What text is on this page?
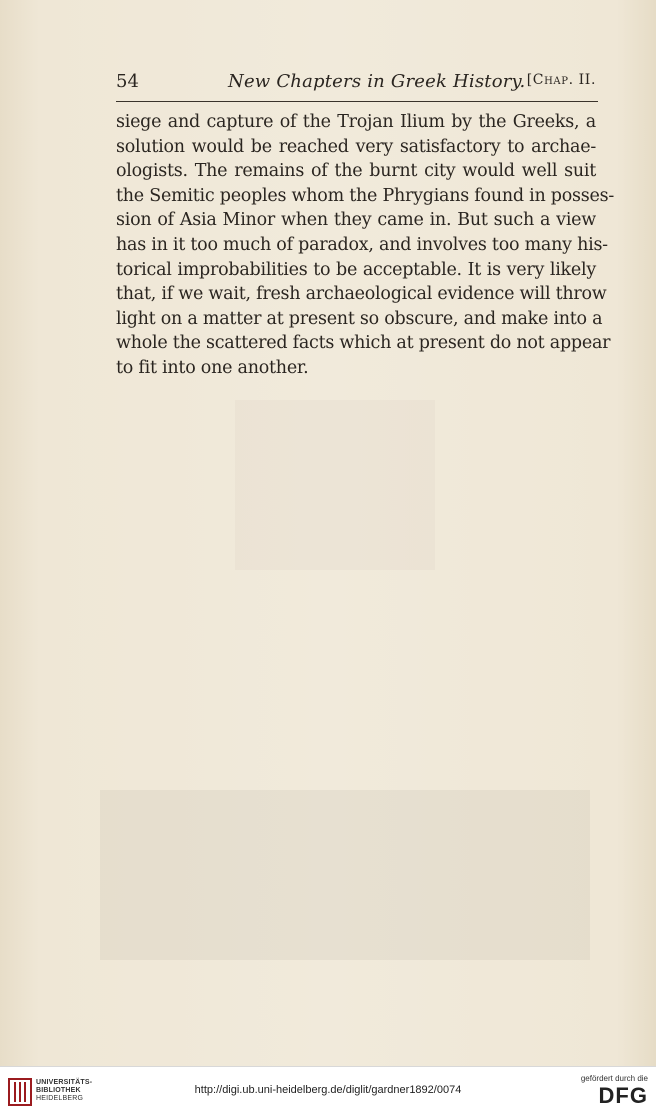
54	New Chapters in Greek History. [Chap. II.
siege and capture of the Trojan Ilium by the Greeks, a
solution would be reached very satisfactory to archae-
ologists. The remains of the burnt city would well suit
the Semitic peoples whom the Phrygians found in posses-
sion of Asia Minor when they came in. But such a view
has in it too much of paradox, and involves too many his-
torical improbabilities to be acceptable. It is very likely
that, if we wait, fresh archaeological evidence will throw
light on a matter at present so obscure, and make into a
whole the scattered facts which at present do not appear
to fit into one another.
UNIVERSITÄTS-
BIBLIOTHEK
HEIDELBERG
http://digi.ub.uni-heidelberg.de/diglit/gardner1892/0074
gefördert durch die
DFG
